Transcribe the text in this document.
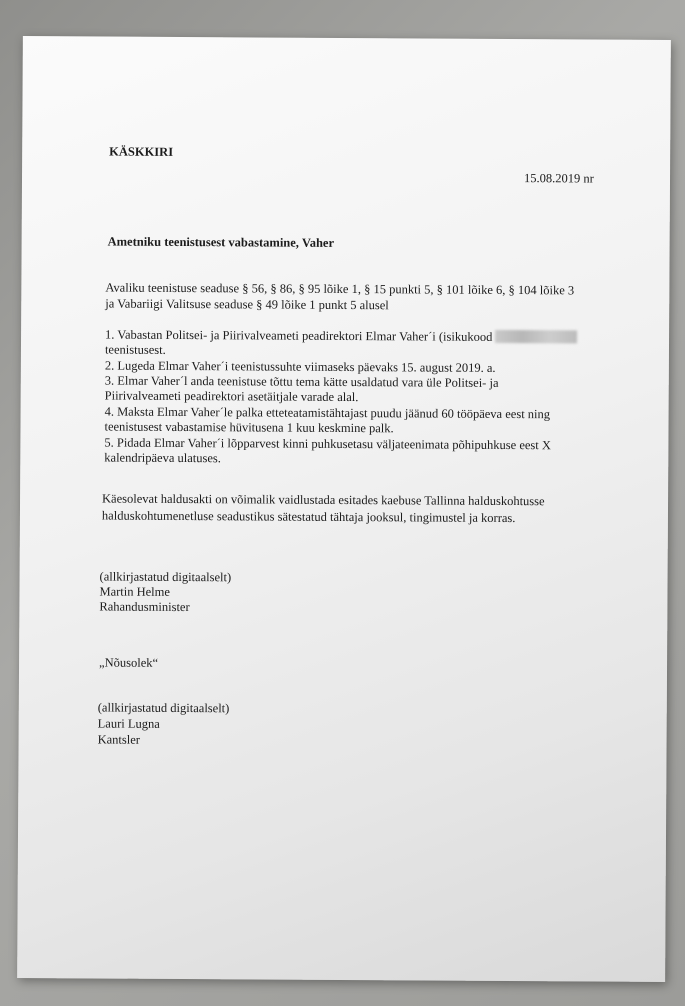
KÄSKKIRI
15.08.2019 nr
Ametniku teenistusest vabastamine, Vaher
Avaliku teenistuse seaduse § 56, § 86, § 95 lõike 1, § 15 punkti 5, § 101 lõike 6, § 104 lõike 3
ja Vabariigi Valitsuse seaduse § 49 lõike 1 punkt 5 alusel
1. Vabastan Politsei- ja Piirivalveameti peadirektori Elmar Vaher´i (isikukood
teenistusest.
2. Lugeda Elmar Vaher´i teenistussuhte viimaseks päevaks 15. august 2019. a.
3. Elmar Vaher´l anda teenistuse tõttu tema kätte usaldatud vara üle Politsei- ja
Piirivalveameti peadirektori asetäitjale varade alal.
4. Maksta Elmar Vaher´le palka etteteatamistähtajast puudu jäänud 60 tööpäeva eest ning
teenistusest vabastamise hüvitusena 1 kuu keskmine palk.
5. Pidada Elmar Vaher´i lõpparvest kinni puhkusetasu väljateenimata põhipuhkuse eest X
kalendripäeva ulatuses.
Käesolevat haldusakti on võimalik vaidlustada esitades kaebuse Tallinna halduskohtusse
halduskohtumenetluse seadustikus sätestatud tähtaja jooksul, tingimustel ja korras.
(allkirjastatud digitaalselt)
Martin Helme
Rahandusminister
„Nõusolek“
(allkirjastatud digitaalselt)
Lauri Lugna
Kantsler
